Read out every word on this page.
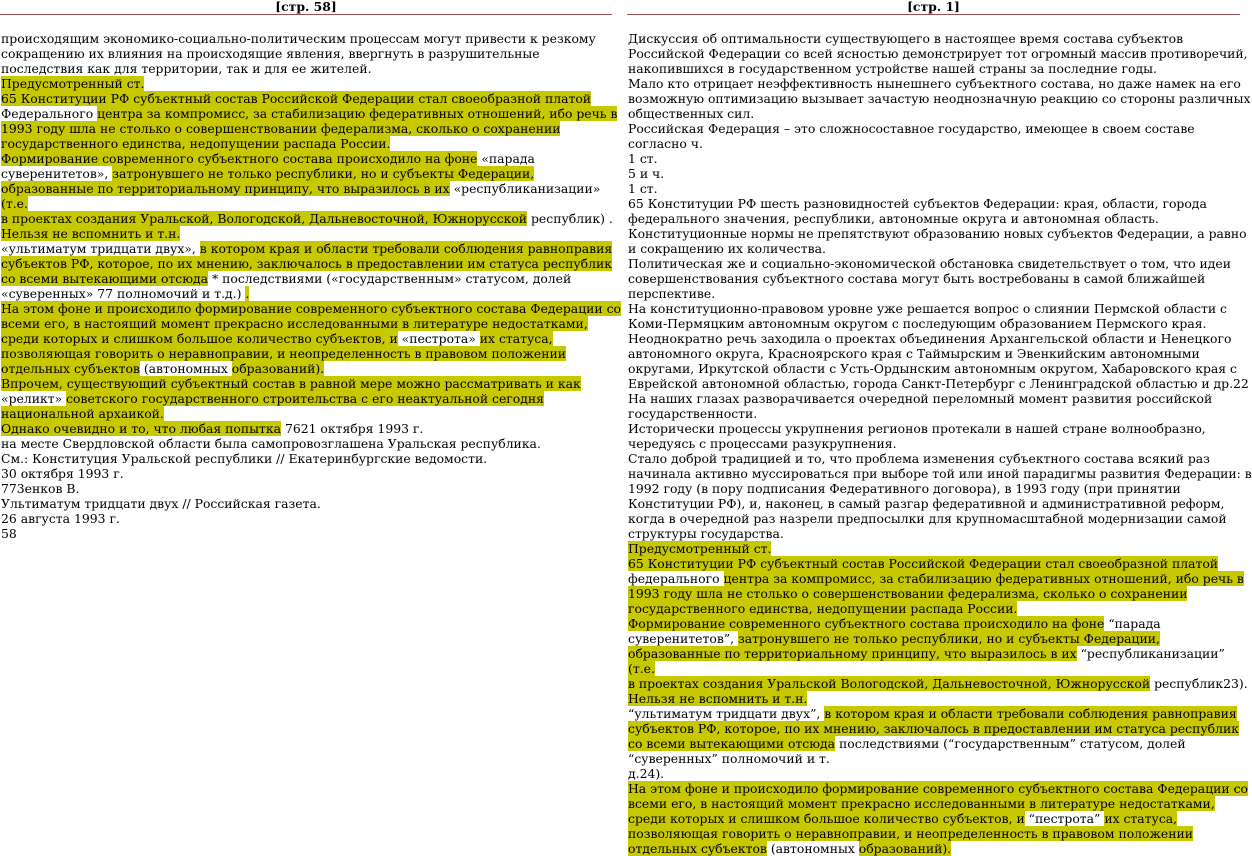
[стр. 58]
происходящим экономико-социально-политическим процессам могут привести к резкому
сокращению их влияния на происходящие явления, ввергнуть в разрушительные
последствия как для территории, так и для ее жителей.
Предусмотренный ст.
65 Конституции РФ субъектный состав Российской Федерации стал своеобразной платой
Федерального центра за компромисс, за стабилизацию федеративных отношений, ибо речь в
1993 году шла не столько о совершенствовании федерализма, сколько о сохранении
государственного единства, недопущении распада России.
Формирование современного субъектного состава происходило на фоне «парада
суверенитетов», затронувшего не только республики, но и субъекты Федерации,
образованные по территориальному принципу, что выразилось в их «республиканизации»
(т.е.
в проектах создания Уральской, Вологодской, Дальневосточной, Южнорусской республик) .
Нельзя не вспомнить и т.н.
«ультиматум тридцати двух», в котором края и области требовали соблюдения равноправия
субъектов РФ, которое, по их мнению, заключалось в предоставлении им статуса республик
со всеми вытекающими отсюда * последствиями («государственным» статусом, долей
«суверенных» 77 полномочий и т.д.) .
На этом фоне и происходило формирование современного субъектного состава Федерации со
всеми его, в настоящий момент прекрасно исследованными в литературе недостатками,
среди которых и слишком большое количество субъектов, и «пестрота» их статуса,
позволяющая говорить о неравноправии, и неопределенность в правовом положении
отдельных субъектов (автономных образований).
Впрочем, существующий субъектный состав в равной мере можно рассматривать и как
«реликт» советского государственного строительства с его неактуальной сегодня
национальной архаикой.
Однако очевидно и то, что любая попытка 7621 октября 1993 г.
на месте Свердловской области была самопровозглашена Уральская республика.
См.: Конституция Уральской республики // Екатеринбургские ведомости.
30 октября 1993 г.
773енков В.
Ультиматум тридцати двух // Российская газета.
26 августа 1993 г.
58
[стр. 1]
Дискуссия об оптимальности существующего в настоящее время состава субъектов
Российской Федерации со всей ясностью демонстрирует тот огромный массив противоречий,
накопившихся в государственном устройстве нашей страны за последние годы.
Мало кто отрицает неэффективность нынешнего субъектного состава, но даже намек на его
возможную оптимизацию вызывает зачастую неоднозначную реакцию со стороны различных
общественных сил.
Российская Федерация – это сложносоставное государство, имеющее в своем составе
согласно ч.
1 ст.
5 и ч.
1 ст.
65 Конституции РФ шесть разновидностей субъектов Федерации: края, области, города
федерального значения, республики, автономные округа и автономная область.
Конституционные нормы не препятствуют образованию новых субъектов Федерации, а равно
и сокращению их количества.
Политическая же и социально-экономической обстановка свидетельствует о том, что идеи
совершенствования субъектного состава могут быть востребованы в самой ближайшей
перспективе.
На конституционно-правовом уровне уже решается вопрос о слиянии Пермской области с
Коми-Пермяцким автономным округом с последующим образованием Пермского края.
Неоднократно речь заходила о проектах объединения Архангельской области и Ненецкого
автономного округа, Красноярского края с Таймырским и Эвенкийским автономными
округами, Иркутской области с Усть-Ордынским автономным округом, Хабаровского края с
Еврейской автономной областью, города Санкт-Петербург с Ленинградской областью и др.22
На наших глазах разворачивается очередной переломный момент развития российской
государственности.
Исторически процессы укрупнения регионов протекали в нашей стране волнообразно,
чередуясь с процессами разукрупнения.
Стало доброй традицией и то, что проблема изменения субъектного состава всякий раз
начинала активно муссироваться при выборе той или иной парадигмы развития Федерации: в
1992 году (в пору подписания Федеративного договора), в 1993 году (при принятии
Конституции РФ), и, наконец, в самый разгар федеративной и административной реформ,
когда в очередной раз назрели предпосылки для крупномасштабной модернизации самой
структуры государства.
Предусмотренный ст.
65 Конституции РФ субъектный состав Российской Федерации стал своеобразной платой
федерального центра за компромисс, за стабилизацию федеративных отношений, ибо речь в
1993 году шла не столько о совершенствовании федерализма, сколько о сохранении
государственного единства, недопущении распада России.
Формирование современного субъектного состава происходило на фоне “парада
суверенитетов”, затронувшего не только республики, но и субъекты Федерации,
образованные по территориальному принципу, что выразилось в их “республиканизации”
(т.е.
в проектах создания Уральской Вологодской, Дальневосточной, Южнорусской республик23).
Нельзя не вспомнить и т.н.
“ультиматум тридцати двух”, в котором края и области требовали соблюдения равноправия
субъектов РФ, которое, по их мнению, заключалось в предоставлении им статуса республик
со всеми вытекающими отсюда последствиями (“государственным” статусом, долей
“суверенных” полномочий и т.
д.24).
На этом фоне и происходило формирование современного субъектного состава Федерации со
всеми его, в настоящий момент прекрасно исследованными в литературе недостатками,
среди которых и слишком большое количество субъектов, и “пестрота” их статуса,
позволяющая говорить о неравноправии, и неопределенность в правовом положении
отдельных субъектов (автономных образований).
